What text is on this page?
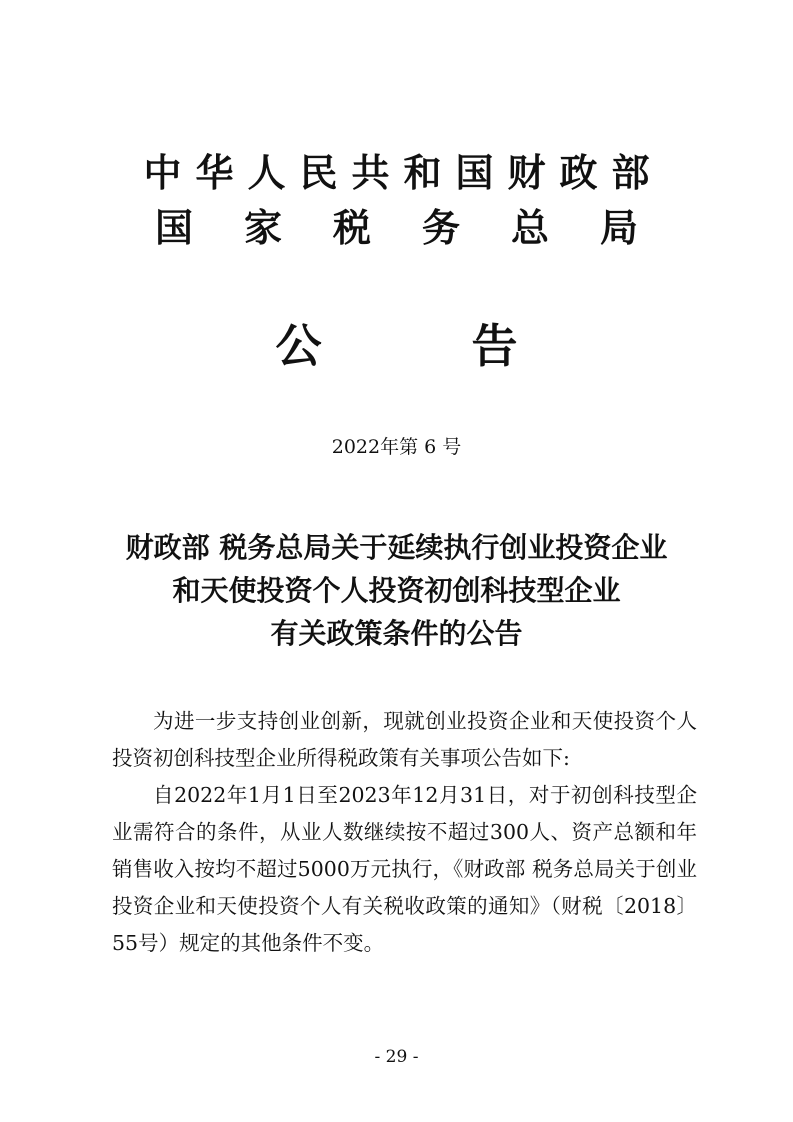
中华人民共和国财政部
国家税务总局
公告
2022年第 6 号
财政部 税务总局关于延续执行创业投资企业
和天使投资个人投资初创科技型企业
有关政策条件的公告

为进一步支持创业创新，现就创业投资企业和天使投资个人投资初创科技型企业所得税政策有关事项公告如下:

自2022年1月1日至2023年12月31日，对于初创科技型企业需符合的条件，从业人数继续按不超过300人、资产总额和年销售收入按均不超过5000万元执行，《财政部 税务总局关于创业投资企业和天使投资个人有关税收政策的通知》（财税〔2018〕55号）规定的其他条件不变。

- 29 -
